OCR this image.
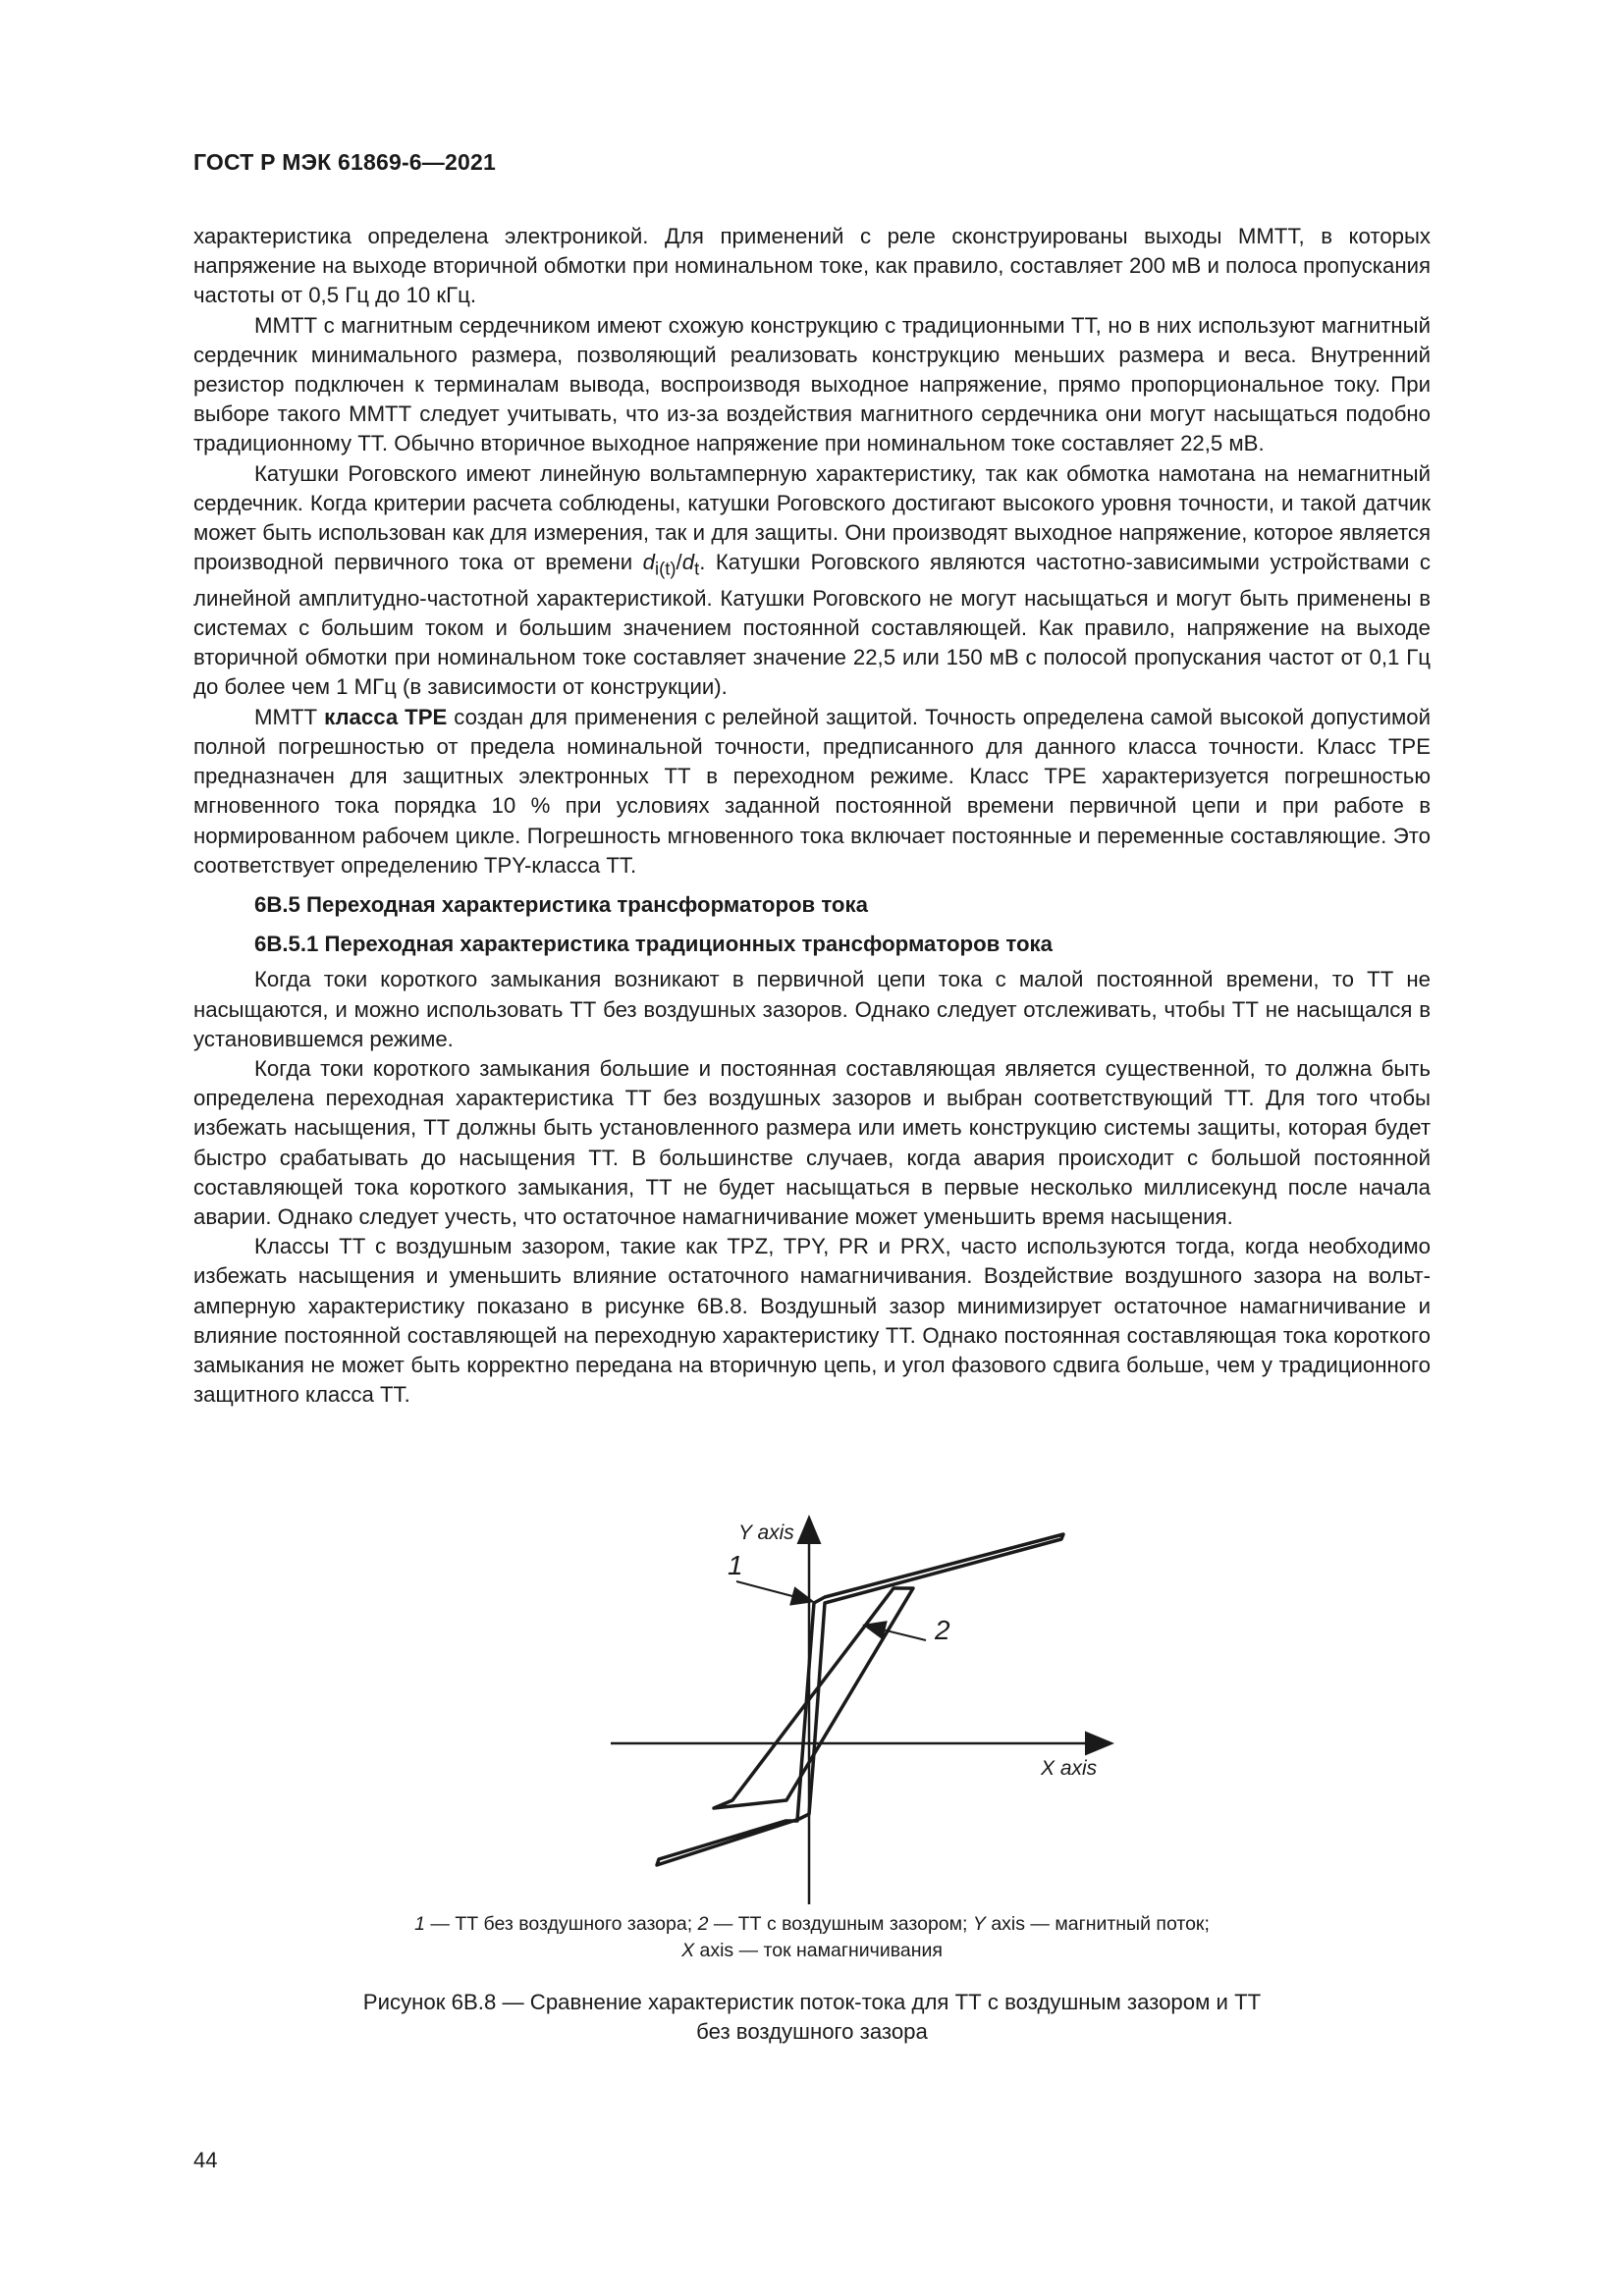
ГОСТ Р МЭК 61869-6—2021

характеристика определена электроникой. Для применений с реле сконструированы выходы ММТТ, в которых напряжение на выходе вторичной обмотки при номинальном токе, как правило, составляет 200 мВ и полоса пропускания частоты от 0,5 Гц до 10 кГц.

ММТТ с магнитным сердечником имеют схожую конструкцию с традиционными ТТ, но в них используют магнитный сердечник минимального размера, позволяющий реализовать конструкцию меньших размера и веса. Внутренний резистор подключен к терминалам вывода, воспроизводя выходное напряжение, прямо пропорциональное току. При выборе такого ММТТ следует учитывать, что из-за воздействия магнитного сердечника они могут насыщаться подобно традиционному ТТ. Обычно вторичное выходное напряжение при номинальном токе составляет 22,5 мВ.

Катушки Роговского имеют линейную вольтамперную характеристику, так как обмотка намотана на немагнитный сердечник. Когда критерии расчета соблюдены, катушки Роговского достигают высокого уровня точности, и такой датчик может быть использован как для измерения, так и для защиты. Они производят выходное напряжение, которое является производной первичного тока от времени $d_{i(t)}/d_t$. Катушки Роговского являются частотно-зависимыми устройствами с линейной амплитудно-частотной характеристикой. Катушки Роговского не могут насыщаться и могут быть применены в системах с большим током и большим значением постоянной составляющей. Как правило, напряжение на выходе вторичной обмотки при номинальном токе составляет значение 22,5 или 150 мВ с полосой пропускания частот от 0,1 Гц до более чем 1 МГц (в зависимости от конструкции).

ММТТ класса ТРЕ создан для применения с релейной защитой. Точность определена самой высокой допустимой полной погрешностью от предела номинальной точности, предписанного для данного класса точности. Класс ТРЕ предназначен для защитных электронных ТТ в переходном режиме. Класс ТРЕ характеризуется погрешностью мгновенного тока порядка 10 % при условиях заданной постоянной времени первичной цепи и при работе в нормированном рабочем цикле. Погрешность мгновенного тока включает постоянные и переменные составляющие. Это соответствует определению TPY-класса ТТ.

6B.5 Переходная характеристика трансформаторов тока
6B.5.1 Переходная характеристика традиционных трансформаторов тока

Когда токи короткого замыкания возникают в первичной цепи тока с малой постоянной времени, то ТТ не насыщаются, и можно использовать ТТ без воздушных зазоров. Однако следует отслеживать, чтобы ТТ не насыщался в установившемся режиме.

Когда токи короткого замыкания большие и постоянная составляющая является существенной, то должна быть определена переходная характеристика ТТ без воздушных зазоров и выбран соответствующий ТТ. Для того чтобы избежать насыщения, ТТ должны быть установленного размера или иметь конструкцию системы защиты, которая будет быстро срабатывать до насыщения ТТ. В большинстве случаев, когда авария происходит с большой постоянной составляющей тока короткого замыкания, ТТ не будет насыщаться в первые несколько миллисекунд после начала аварии. Однако следует учесть, что остаточное намагничивание может уменьшить время насыщения.

Классы ТТ с воздушным зазором, такие как TPZ, TPY, PR и PRX, часто используются тогда, когда необходимо избежать насыщения и уменьшить влияние остаточного намагничивания. Воздействие воздушного зазора на вольт-амперную характеристику показано в рисунке 6B.8. Воздушный зазор минимизирует остаточное намагничивание и влияние постоянной составляющей на переходную характеристику ТТ. Однако постоянная составляющая тока короткого замыкания не может быть корректно передана на вторичную цепь, и угол фазового сдвига больше, чем у традиционного защитного класса ТТ.

Y axis
X axis
1
2
1 — ТТ без воздушного зазора; 2 — ТТ с воздушным зазором; Y axis — магнитный поток;
X axis — ток намагничивания
Рисунок 6B.8 — Сравнение характеристик поток-тока для ТТ с воздушным зазором и ТТ
без воздушного зазора
44
